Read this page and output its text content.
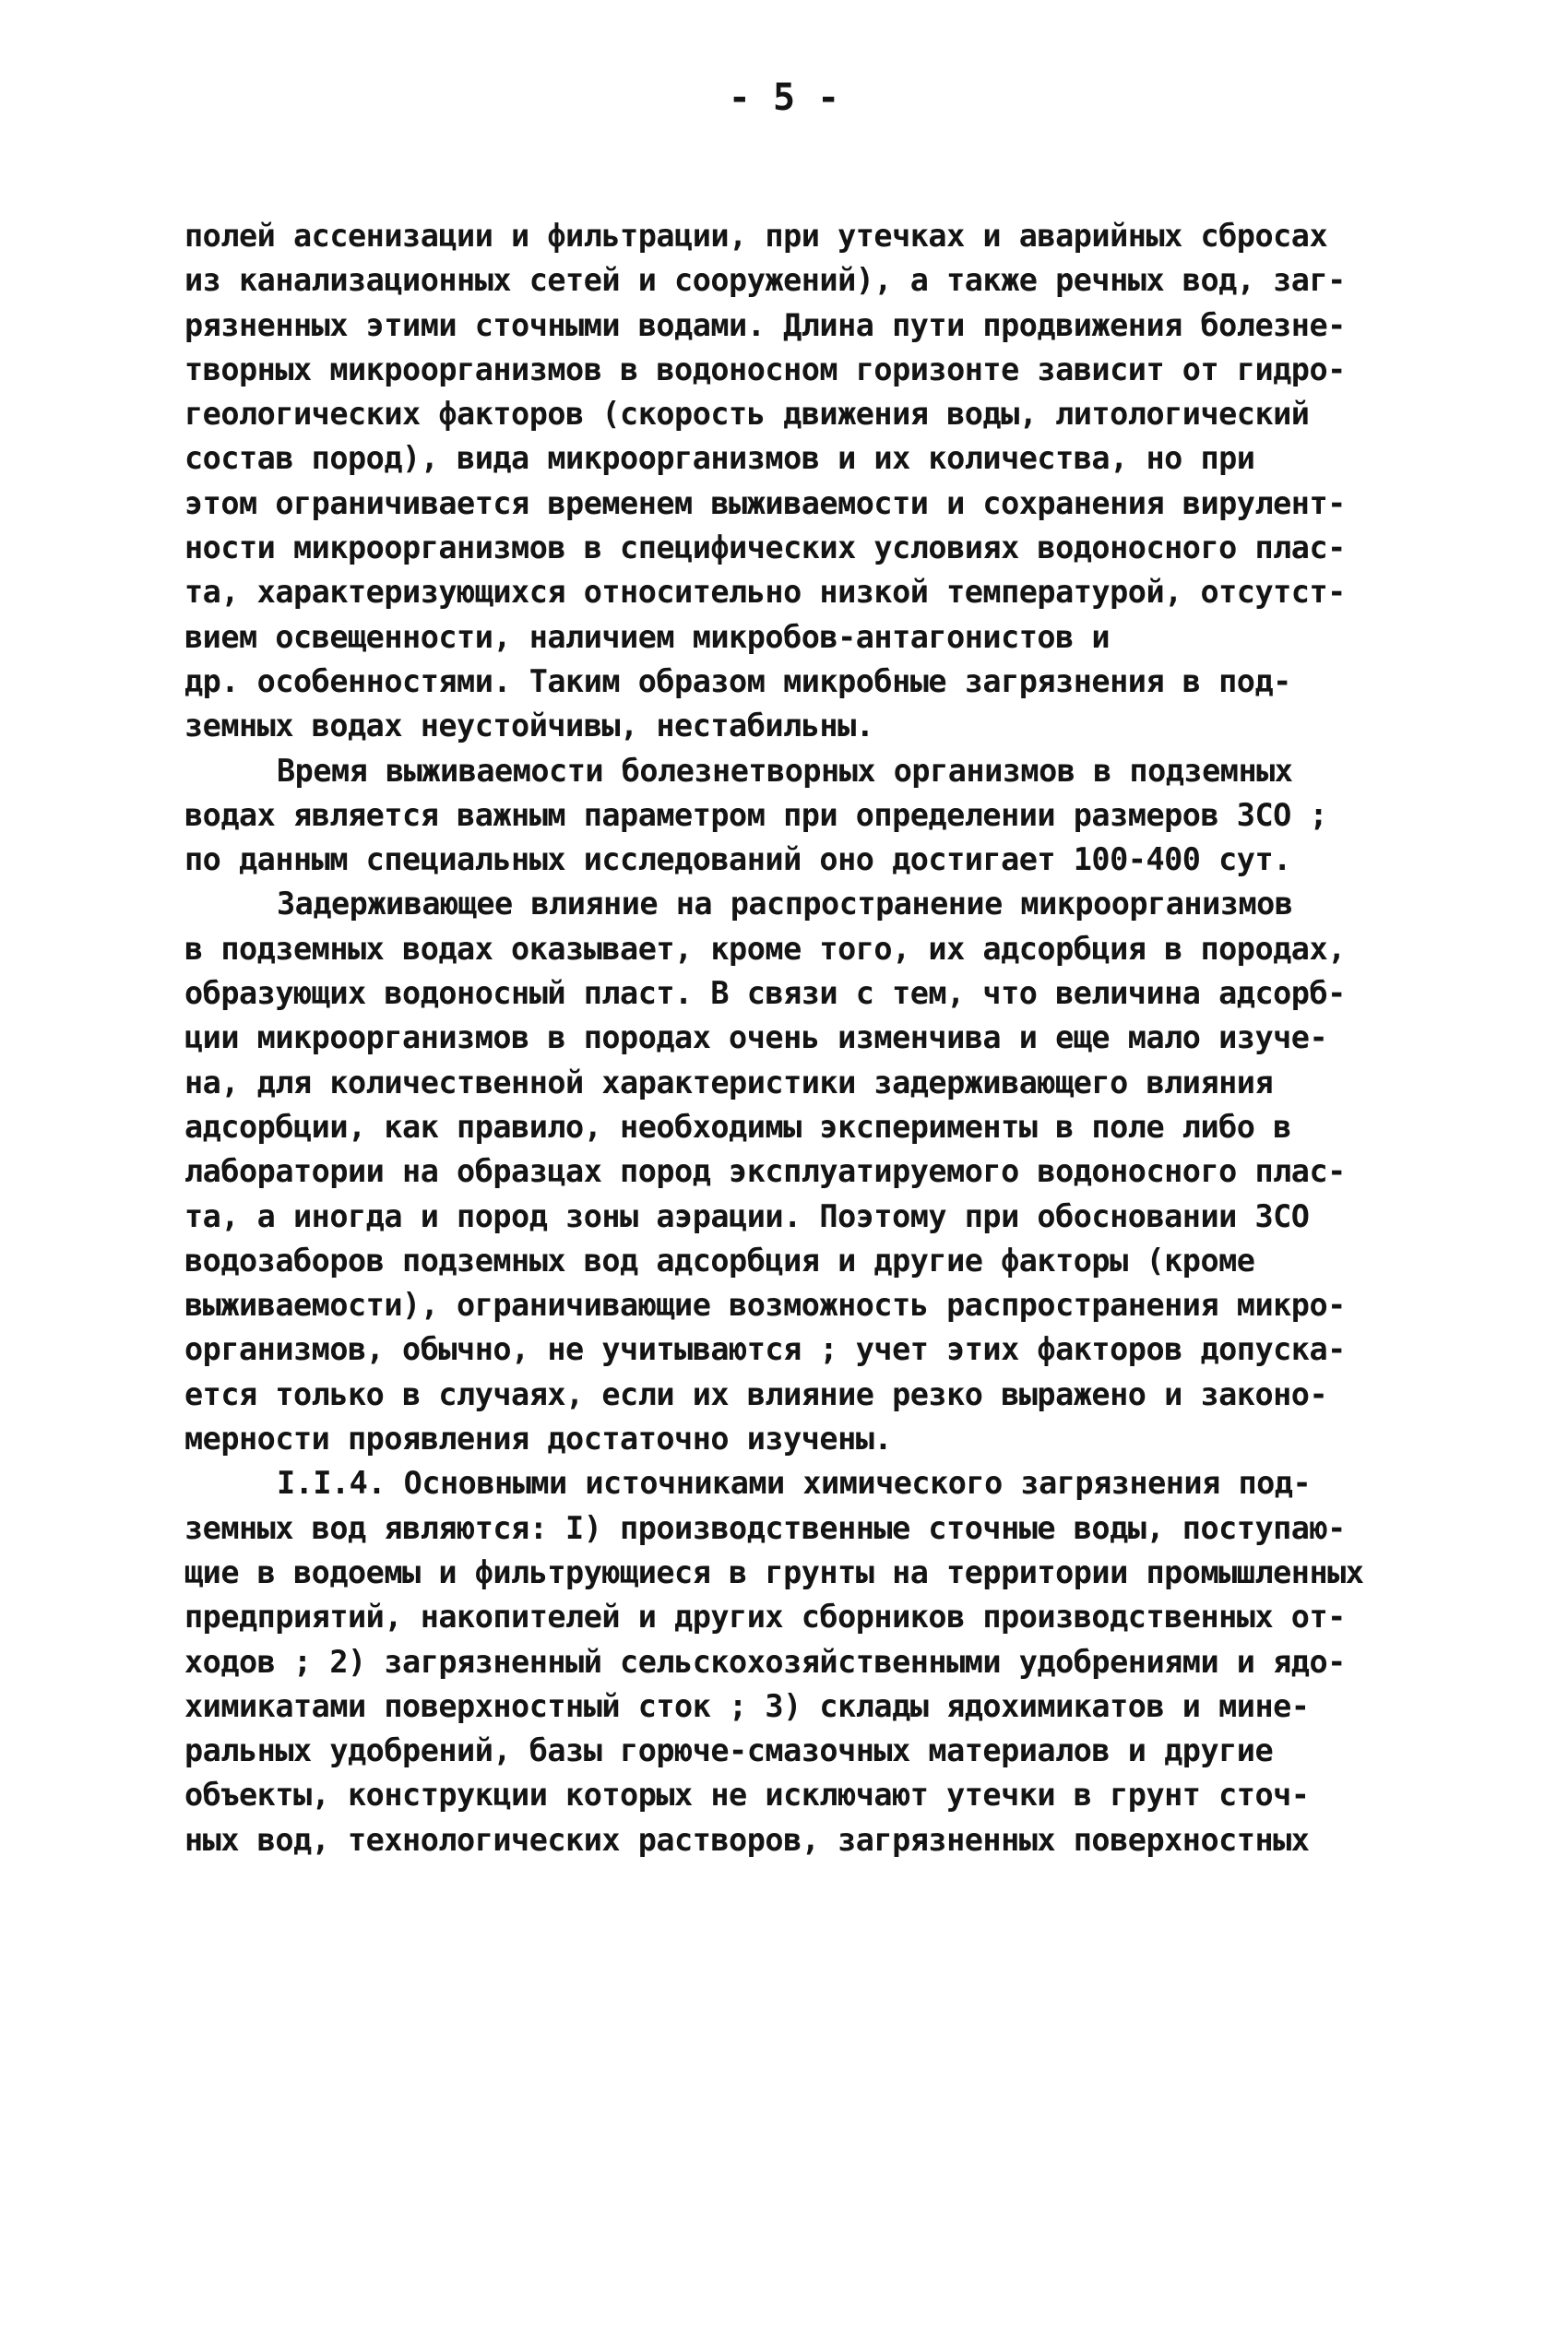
- 5 -
полей ассенизации и фильтрации, при утечках и аварийных сбросах
из канализационных сетей и сооружений), а также речных вод, заг-
рязненных этими сточными водами. Длина пути продвижения болезне-
творных микроорганизмов в водоносном горизонте зависит от гидро-
геологических факторов (скорость движения воды, литологический
состав пород), вида микроорганизмов и их количества, но при
этом ограничивается временем выживаемости и сохранения вирулент-
ности микроорганизмов в специфических условиях водоносного плас-
та, характеризующихся относительно низкой температурой, отсутст-
вием освещенности, наличием микробов-антагонистов и
др. особенностями. Таким образом микробные загрязнения в под-
земных водах неустойчивы, нестабильны.
Время выживаемости болезнетворных организмов в подземных
водах является важным параметром при определении размеров ЗСО ;
по данным специальных исследований оно достигает 100-400 сут.
Задерживающее влияние на распространение микроорганизмов
в подземных водах оказывает, кроме того, их адсорбция в породах,
образующих водоносный пласт. В связи с тем, что величина адсорб-
ции микроорганизмов в породах очень изменчива и еще мало изуче-
на, для количественной характеристики задерживающего влияния
адсорбции, как правило, необходимы эксперименты в поле либо в
лаборатории на образцах пород эксплуатируемого водоносного плас-
та, а иногда и пород зоны аэрации. Поэтому при обосновании ЗСО
водозаборов подземных вод адсорбция и другие факторы (кроме
выживаемости), ограничивающие возможность распространения микро-
организмов, обычно, не учитываются ; учет этих факторов допускa-
ется только в случаях, если их влияние резко выражено и законо-
мерности проявления достаточно изучены.
I.I.4. Основными источниками химического загрязнения под-
земных вод являются: I) производственные сточные воды, поступаю-
щие в водоемы и фильтрующиеся в грунты на территории промышленных
предприятий, накопителей и других сборников производственных от-
ходов ; 2) загрязненный сельскохозяйственными удобрениями и ядо-
химикатами поверхностный сток ; 3) склады ядохимикатов и мине-
ральных удобрений, базы горюче-смазочных материалов и другие
объекты, конструкции которых не исключают утечки в грунт сточ-
ных вод, технологических растворов, загрязненных поверхностных
